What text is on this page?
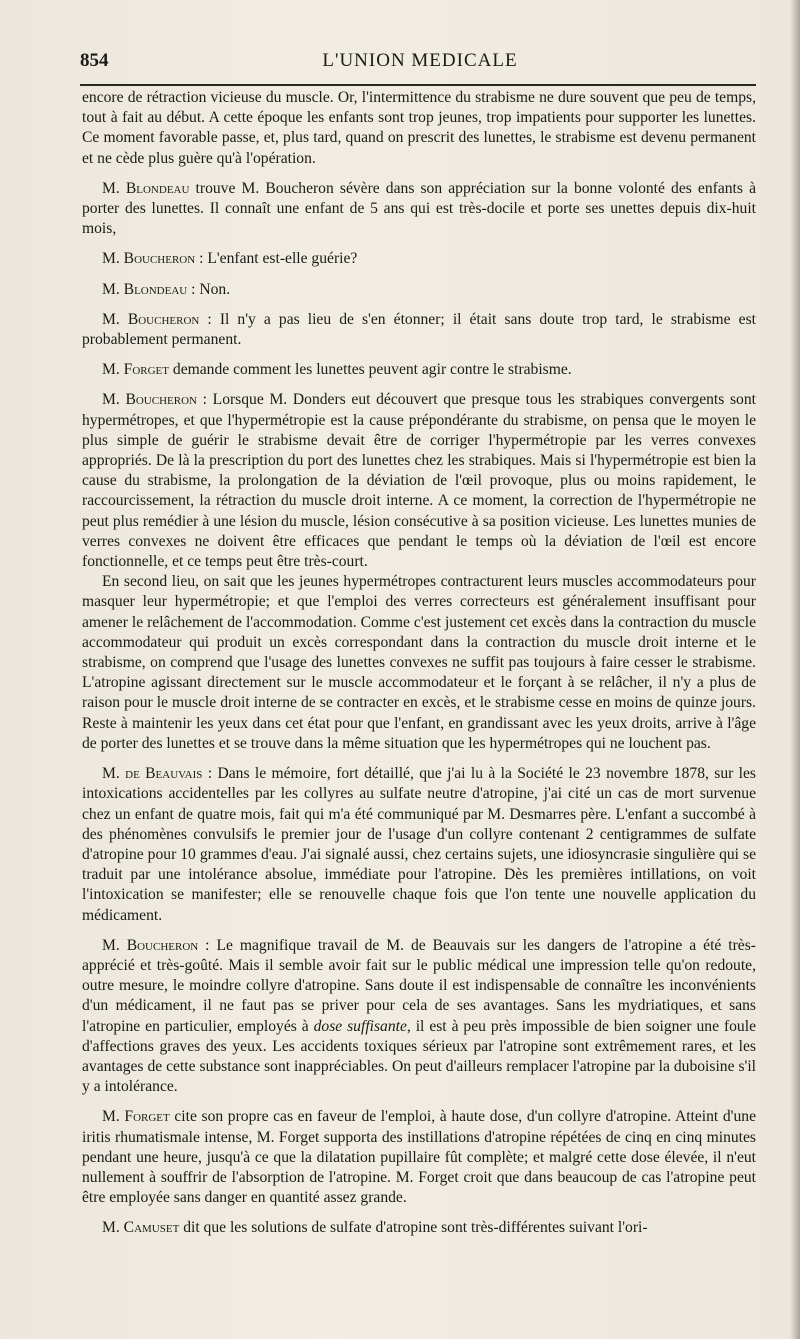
854	L'UNION MEDICALE

encore de rétraction vicieuse du muscle. Or, l'intermittence du strabisme ne dure souvent que peu de temps, tout à fait au début. A cette époque les enfants sont trop jeunes, trop impatients pour supporter les lunettes. Ce moment favorable passe, et, plus tard, quand on prescrit des lunettes, le strabisme est devenu permanent et ne cède plus guère qu'à l'opération.

M. Blondeau trouve M. Boucheron sévère dans son appréciation sur la bonne volonté des enfants à porter des lunettes. Il connaît une enfant de 5 ans qui est très-docile et porte ses unettes depuis dix-huit mois,

M. Boucheron : L'enfant est-elle guérie?

M. Blondeau : Non.

M. Boucheron : Il n'y a pas lieu de s'en étonner; il était sans doute trop tard, le strabisme est probablement permanent.

M. Forget demande comment les lunettes peuvent agir contre le strabisme.

M. Boucheron : Lorsque M. Donders eut découvert que presque tous les strabiques convergents sont hypermétropes, et que l'hypermétropie est la cause prépondérante du strabisme, on pensa que le moyen le plus simple de guérir le strabisme devait être de corriger l'hypermétropie par les verres convexes appropriés. De là la prescription du port des lunettes chez les strabiques. Mais si l'hypermétropie est bien la cause du strabisme, la prolongation de la déviation de l'œil provoque, plus ou moins rapidement, le raccourcissement, la rétraction du muscle droit interne. A ce moment, la correction de l'hypermétropie ne peut plus remédier à une lésion du muscle, lésion consécutive à sa position vicieuse. Les lunettes munies de verres convexes ne doivent être efficaces que pendant le temps où la déviation de l'œil est encore fonctionnelle, et ce temps peut être très-court.

En second lieu, on sait que les jeunes hypermétropes contracturent leurs muscles accommodateurs pour masquer leur hypermétropie; et que l'emploi des verres correcteurs est généralement insuffisant pour amener le relâchement de l'accommodation. Comme c'est justement cet excès dans la contraction du muscle accommodateur qui produit un excès correspondant dans la contraction du muscle droit interne et le strabisme, on comprend que l'usage des lunettes convexes ne suffit pas toujours à faire cesser le strabisme. L'atropine agissant directement sur le muscle accommodateur et le forçant à se relâcher, il n'y a plus de raison pour le muscle droit interne de se contracter en excès, et le strabisme cesse en moins de quinze jours. Reste à maintenir les yeux dans cet état pour que l'enfant, en grandissant avec les yeux droits, arrive à l'âge de porter des lunettes et se trouve dans la même situation que les hypermétropes qui ne louchent pas.

M. de Beauvais : Dans le mémoire, fort détaillé, que j'ai lu à la Société le 23 novembre 1878, sur les intoxications accidentelles par les collyres au sulfate neutre d'atropine, j'ai cité un cas de mort survenue chez un enfant de quatre mois, fait qui m'a été communiqué par M. Desmarres père. L'enfant a succombé à des phénomènes convulsifs le premier jour de l'usage d'un collyre contenant 2 centigrammes de sulfate d'atropine pour 10 grammes d'eau. J'ai signalé aussi, chez certains sujets, une idiosyncrasie singulière qui se traduit par une intolérance absolue, immédiate pour l'atropine. Dès les premières intillations, on voit l'intoxication se manifester; elle se renouvelle chaque fois que l'on tente une nouvelle application du médicament.

M. Boucheron : Le magnifique travail de M. de Beauvais sur les dangers de l'atropine a été très-apprécié et très-goûté. Mais il semble avoir fait sur le public médical une impression telle qu'on redoute, outre mesure, le moindre collyre d'atropine. Sans doute il est indispensable de connaître les inconvénients d'un médicament, il ne faut pas se priver pour cela de ses avantages. Sans les mydriatiques, et sans l'atropine en particulier, employés à dose suffisante, il est à peu près impossible de bien soigner une foule d'affections graves des yeux. Les accidents toxiques sérieux par l'atropine sont extrêmement rares, et les avantages de cette substance sont inappréciables. On peut d'ailleurs remplacer l'atropine par la duboisine s'il y a intolérance.

M. Forget cite son propre cas en faveur de l'emploi, à haute dose, d'un collyre d'atropine. Atteint d'une iritis rhumatismale intense, M. Forget supporta des instillations d'atropine répétées de cinq en cinq minutes pendant une heure, jusqu'à ce que la dilatation pupillaire fût complète; et malgré cette dose élevée, il n'eut nullement à souffrir de l'absorption de l'atropine. M. Forget croit que dans beaucoup de cas l'atropine peut être employée sans danger en quantité assez grande.

M. Camuset dit que les solutions de sulfate d'atropine sont très-différentes suivant l'ori-
